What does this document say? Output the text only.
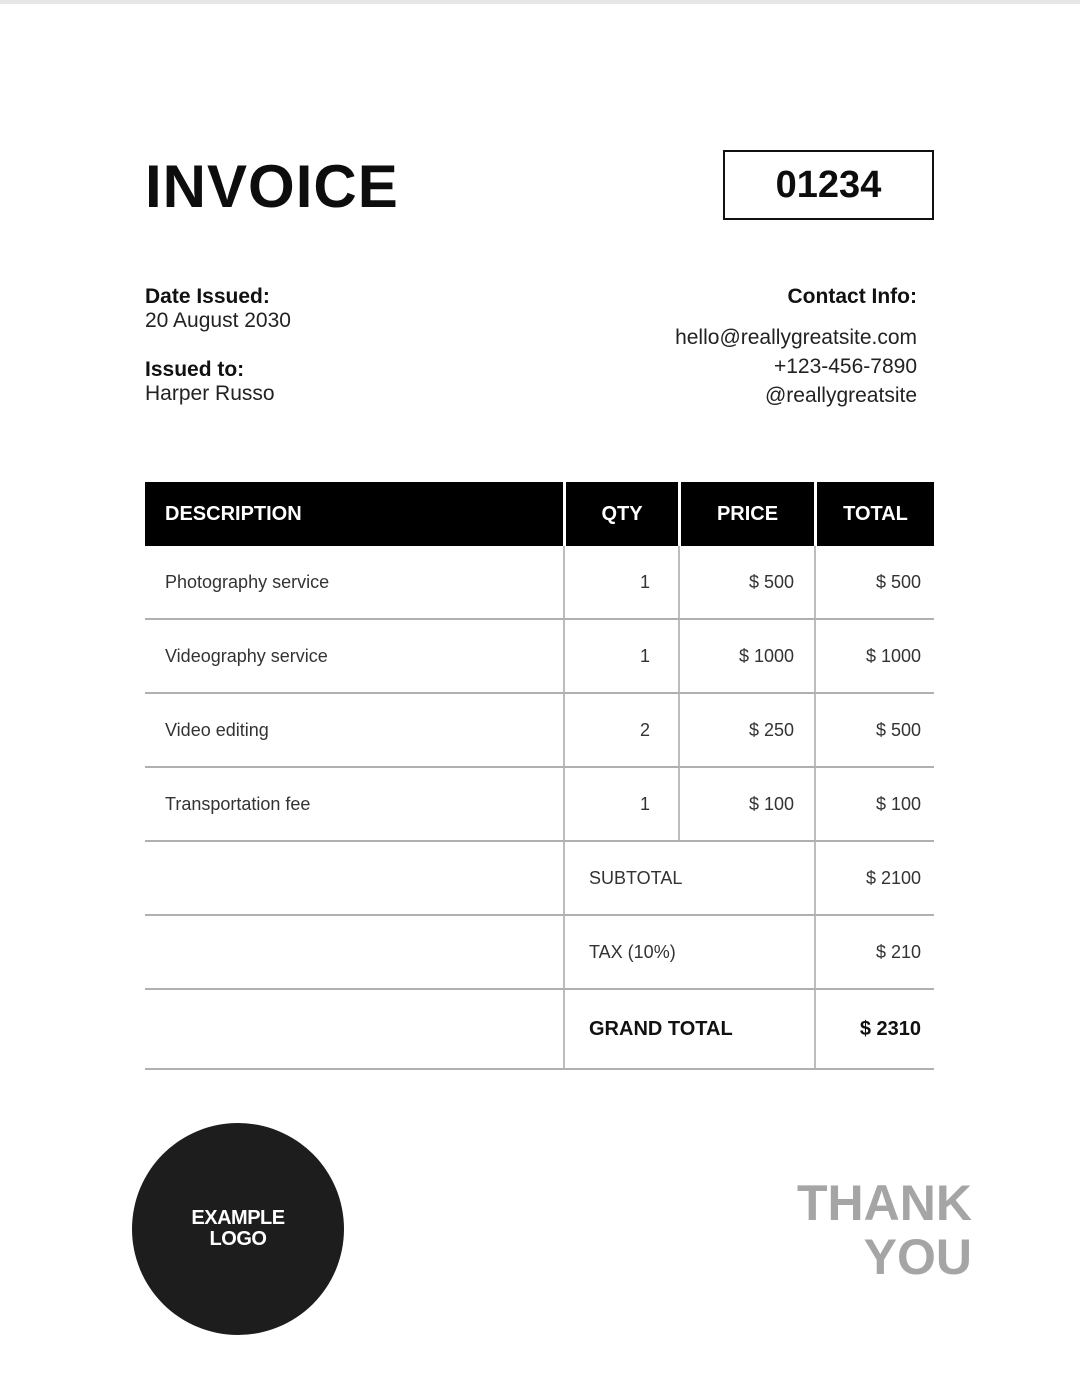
INVOICE	01234
Date Issued:
20 August 2030
Issued to:
Harper Russo
Contact Info:
hello@reallygreatsite.com
+123-456-7890
@reallygreatsite
DESCRIPTION	QTY	PRICE	TOTAL
Photography service	1	$ 500	$ 500
Videography service	1	$ 1000	$ 1000
Video editing	2	$ 250	$ 500
Transportation fee	1	$ 100	$ 100
SUBTOTAL	$ 2100
TAX (10%)	$ 210
GRAND TOTAL	$ 2310
EXAMPLE
LOGO
THANK
YOU
